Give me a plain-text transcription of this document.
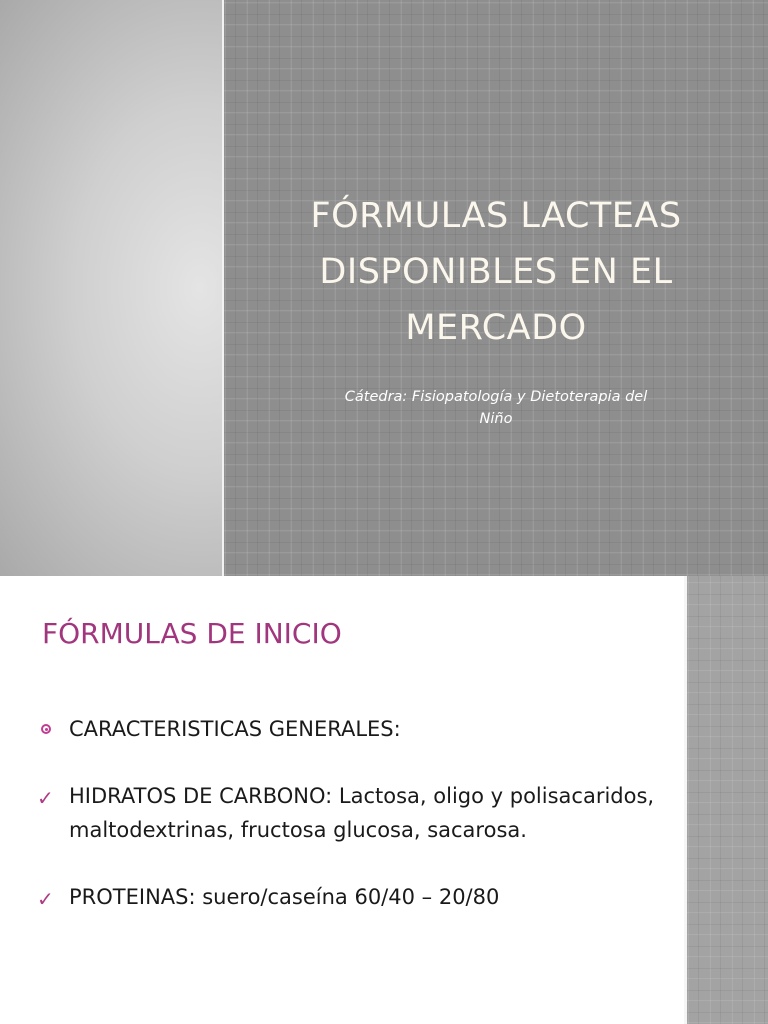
FÓRMULAS LACTEAS
DISPONIBLES EN EL
MERCADO

Cátedra: Fisiopatología y Dietoterapia del
Niño

FÓRMULAS DE INICIO
CARACTERISTICAS GENERALES:
✓ HIDRATOS DE CARBONO: Lactosa, oligo y polisacaridos, maltodextrinas, fructosa glucosa, sacarosa.
✓ PROTEINAS: suero/caseína 60/40 – 20/80
